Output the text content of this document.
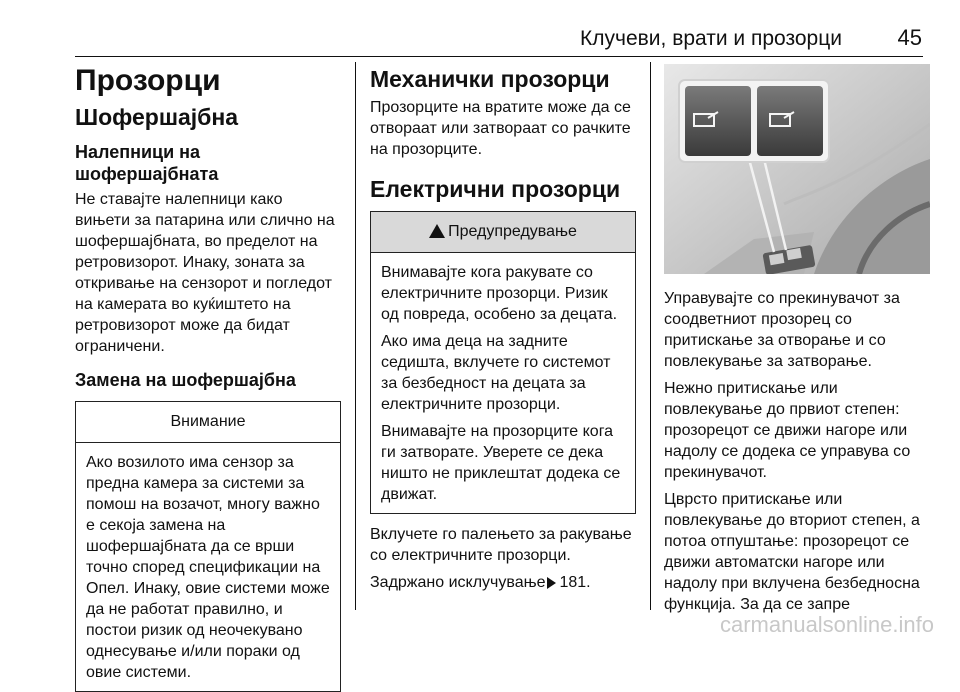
Клучеви, врати и прозорци	45
Прозорци
Шофершајбна
Налепници на шофершајбната

Не ставајте налепници како вињети за патарина или слично на шофершајбната, во пределот на ретровизорот. Инаку, зоната за откривање на сензорот и погледот на камерата во куќиштето на ретровизорот може да бидат ограничени.

Замена на шофершајбна
Внимание

Ако возилото има сензор за предна камера за системи за помош на возачот, многу важно е секоја замена на шофершајбната да се врши точно според спецификации на Опел. Инаку, овие системи може да не работат правилно, и постои ризик од неочекувано однесување и/или пораки од овие системи.

Механички прозорци

Прозорците на вратите може да се отвораат или затвораат со рачките на прозорците.

Електрични прозорци
Предупредување

Внимавајте кога ракувате со електричните прозорци. Ризик од повреда, особено за децата.

Ако има деца на задните седишта, вклучете го системот за безбедност на децата за електричните прозорци.

Внимавајте на прозорците кога ги затворате. Уверете се дека ништо не приклештат додека се движат.

Вклучете го палењето за ракување со електричните прозорци.

Задржано исклучување 181.

Управувајте со прекинувачот за соодветниот прозорец со притискање за отворање и со повлекување за затворање.

Нежно притискање или повлекување до првиот степен: прозорецот се движи нагоре или надолу се додека се управува со прекинувачот.

Цврсто притискање или повлекување до вториот степен, а потоа отпуштање: прозорецот се движи автоматски нагоре или надолу при вклучена безбедносна функција. За да се запре

carmanualsonline.info
